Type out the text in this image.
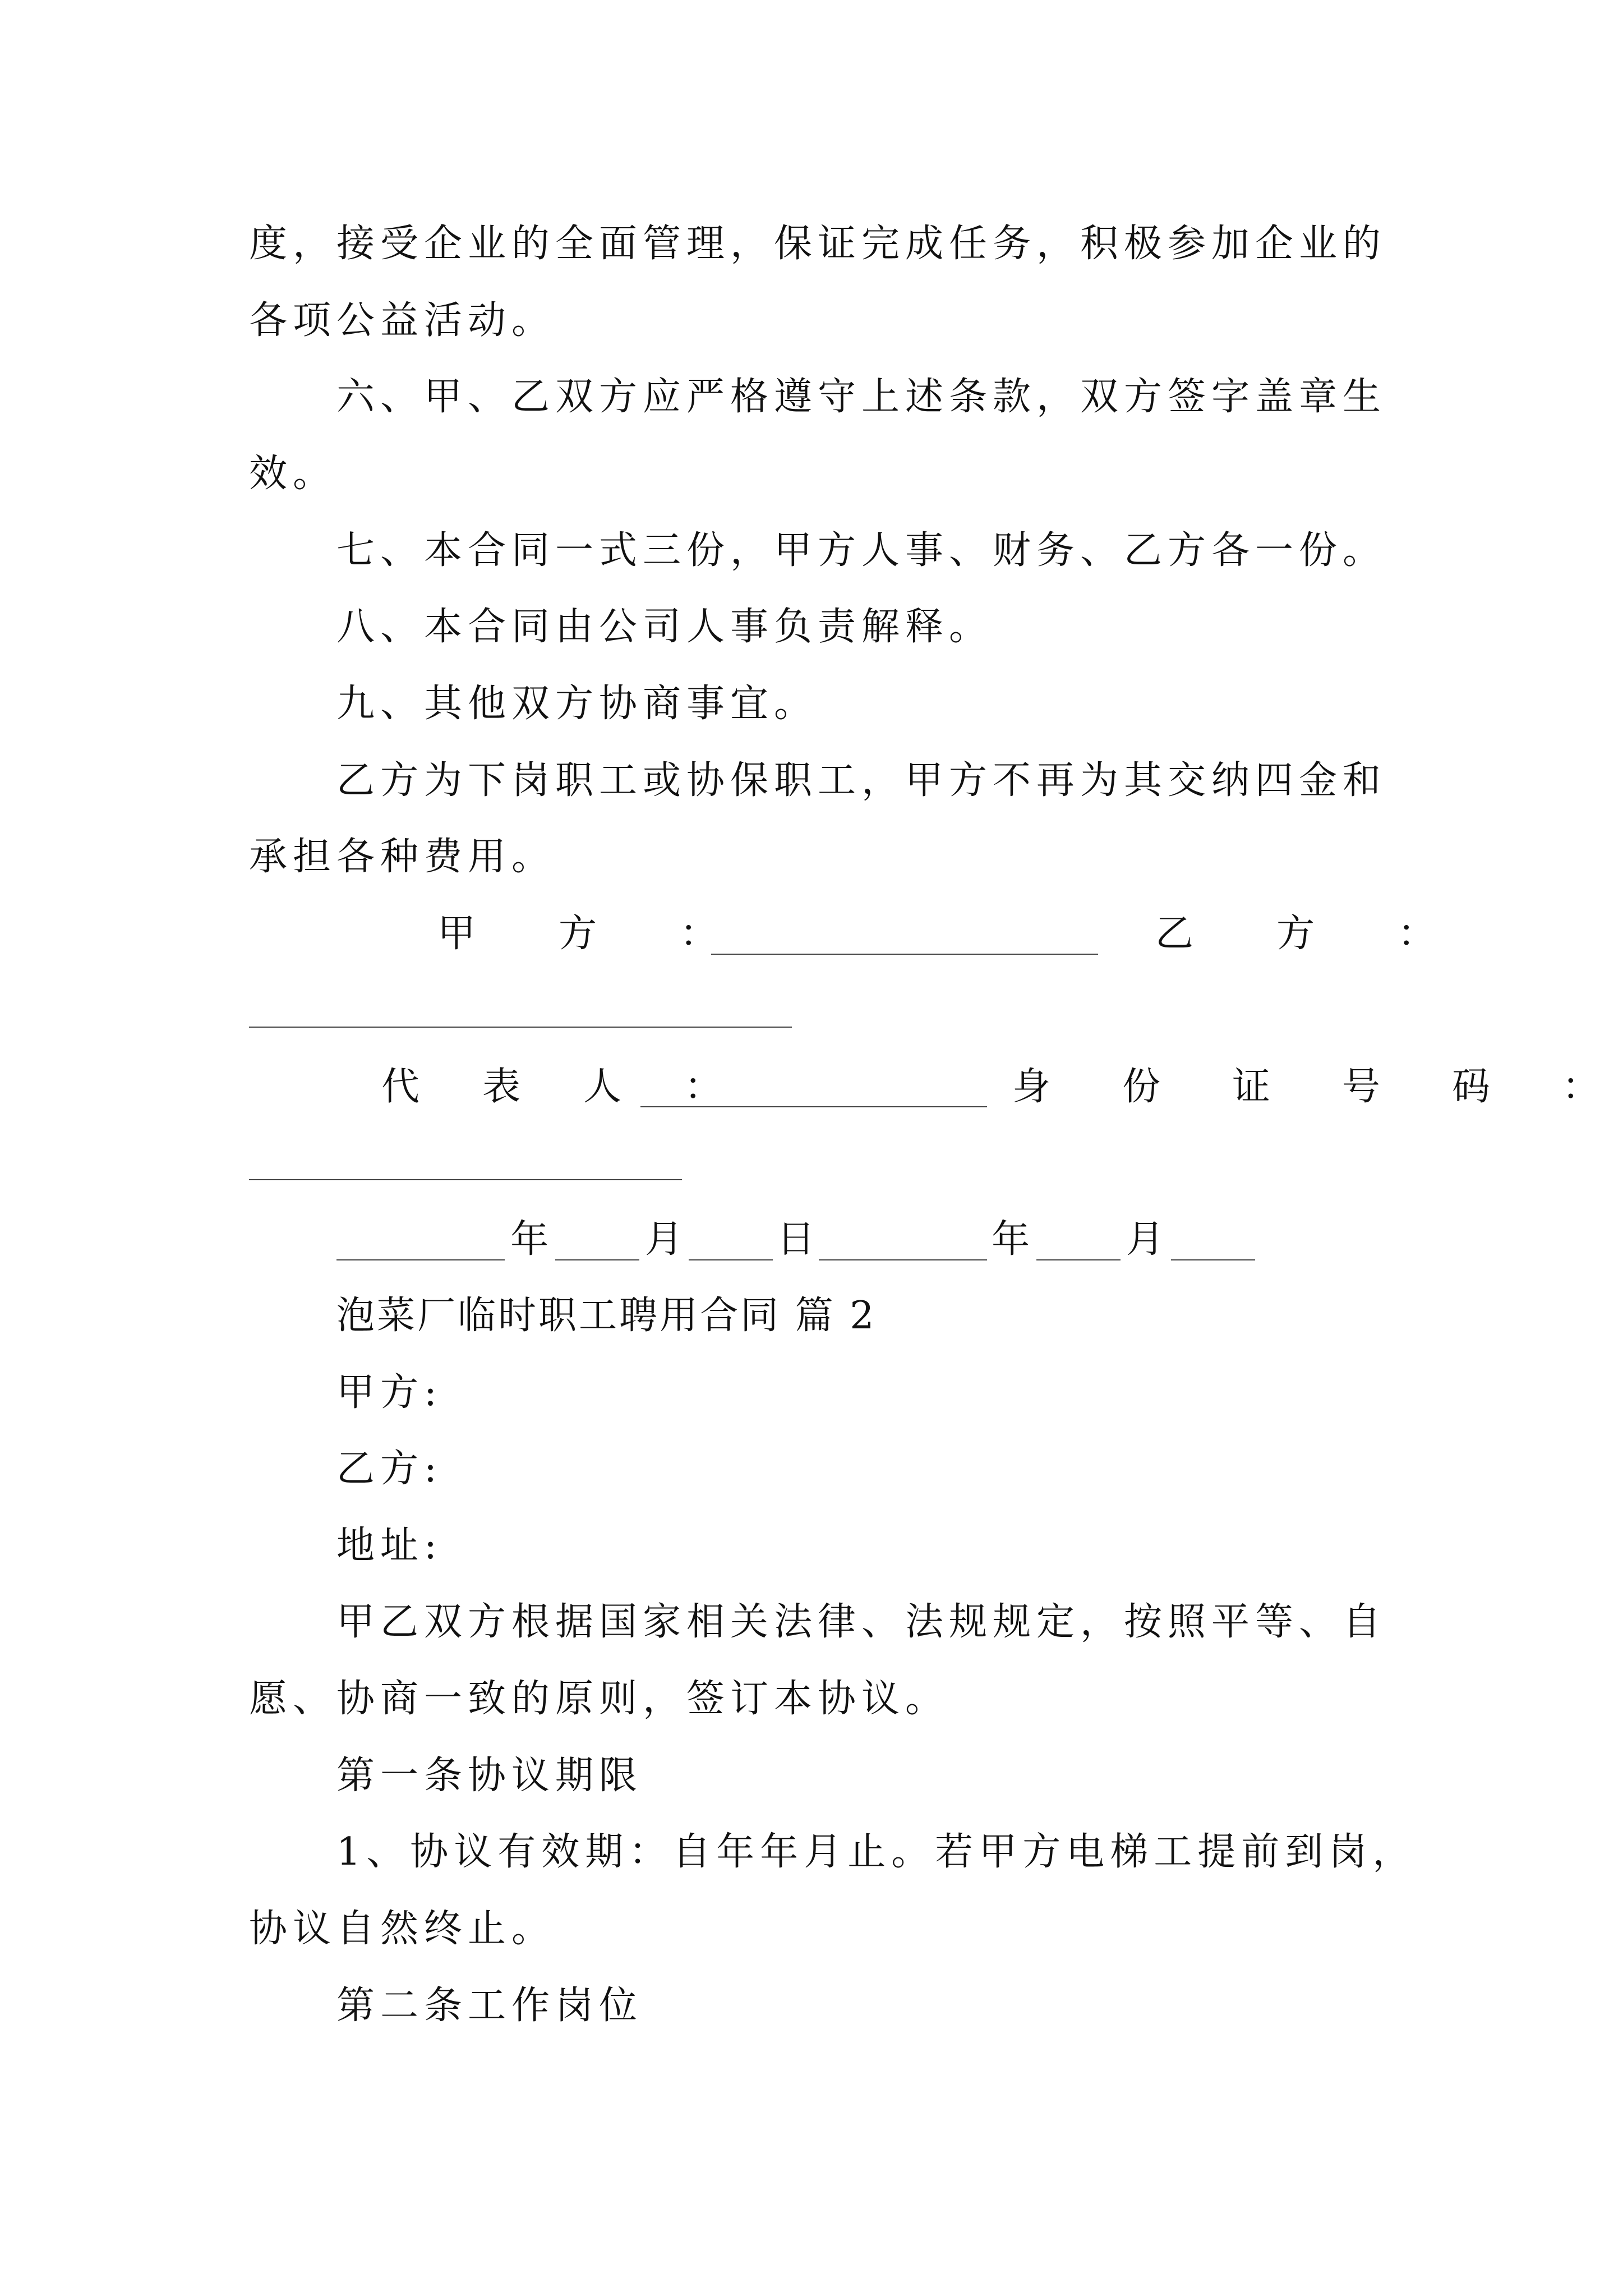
度，接受企业的全面管理，保证完成任务，积极参加企业的
各项公益活动。
六、甲、乙双方应严格遵守上述条款，双方签字盖章生
效。
七、本合同一式三份，甲方人事、财务、乙方各一份。
八、本合同由公司人事负责解释。
九、其他双方协商事宜。
乙方为下岗职工或协保职工，甲方不再为其交纳四金和
承担各种费用。
甲　方　：	乙　方　：
代　表　人　：	身　份　证　号　码　：
年	月 日	年	月
泡菜厂临时职工聘用合同 篇 2
甲方:
乙方:
地址:
甲乙双方根据国家相关法律、法规规定，按照平等、自
愿、协商一致的原则，签订本协议。
第一条协议期限
1、协议有效期：自年年月止。若甲方电梯工提前到岗，
协议自然终止。
第二条工作岗位
